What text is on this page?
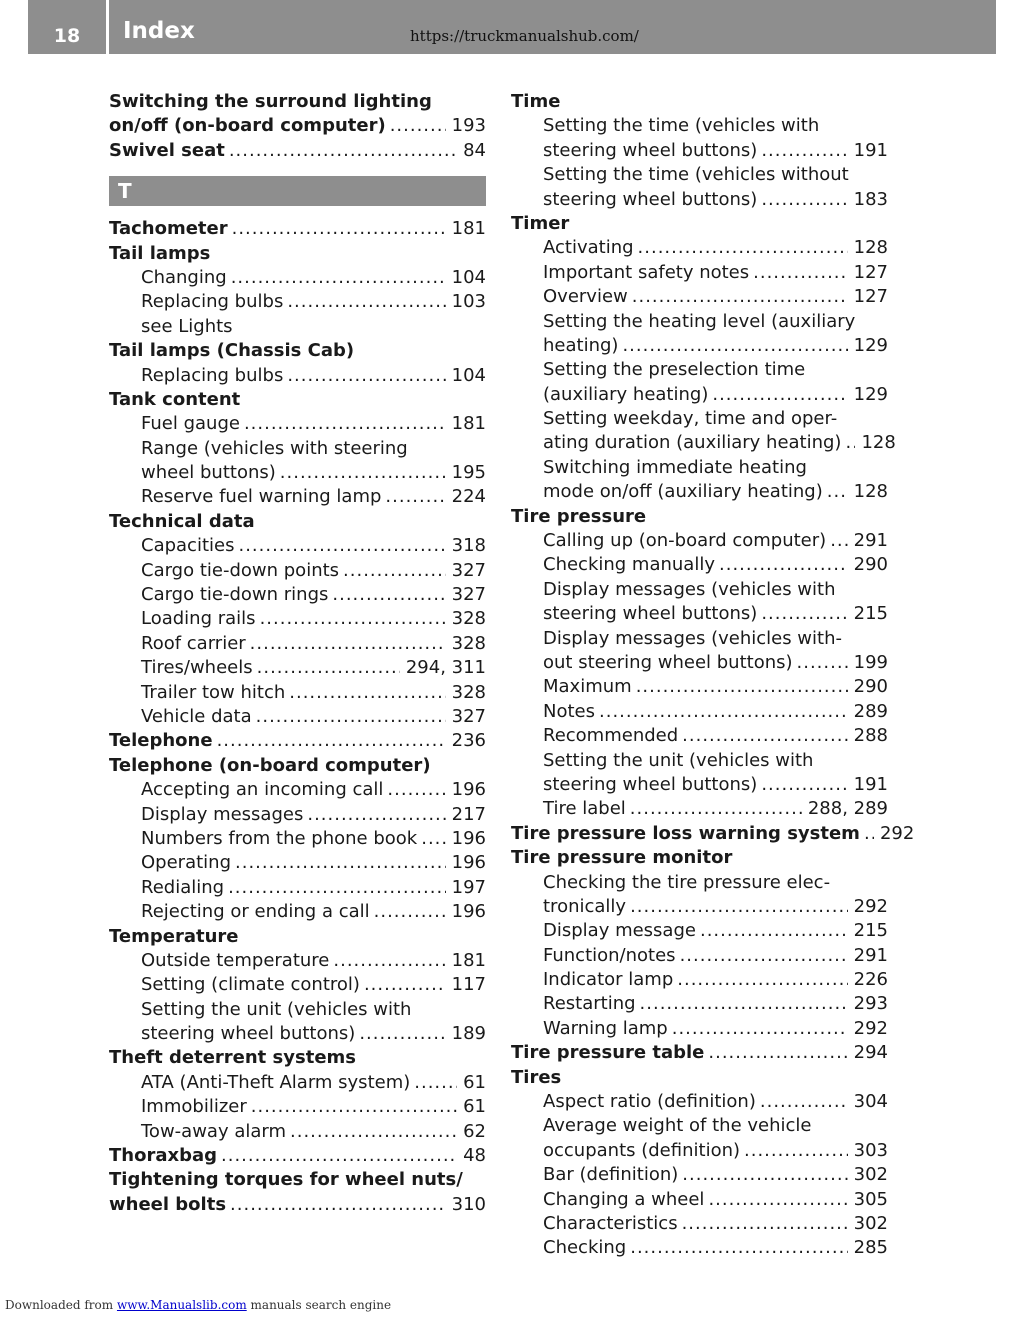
18	Index	https://truckmanualshub.com/
Switching the surround lighting
on/off (on-board computer) .....	193
Swivel seat .....	84
T
Tachometer .....	181
Tail lamps
Changing .....	104
Replacing bulbs .....	103
see Lights
Tail lamps (Chassis Cab)
Replacing bulbs .....	104
Tank content
Fuel gauge .....	181
Range (vehicles with steering
wheel buttons) .....	195
Reserve fuel warning lamp .....	224
Technical data
Capacities .....	318
Cargo tie-down points .....	327
Cargo tie-down rings .....	327
Loading rails .....	328
Roof carrier .....	328
Tires/wheels .....	294, 311
Trailer tow hitch .....	328
Vehicle data .....	327
Telephone .....	236
Telephone (on-board computer)
Accepting an incoming call .....	196
Display messages .....	217
Numbers from the phone book ..... 196
Operating .....	196
Redialing .....	197
Rejecting or ending a call .....	196
Temperature
Outside temperature .....	181
Setting (climate control) .....	117
Setting the unit (vehicles with
steering wheel buttons) .....	189
Theft deterrent systems
ATA (Anti-Theft Alarm system) .....	61
Immobilizer .....	61
Tow-away alarm .....	62
Thoraxbag .....	48
Tightening torques for wheel nuts/
wheel bolts .....	310
Time
Setting the time (vehicles with
steering wheel buttons) .....	191
Setting the time (vehicles without
steering wheel buttons) .....	183
Timer
Activating .....	128
Important safety notes .....	127
Overview .....	127
Setting the heating level (auxiliary
heating) .....	129
Setting the preselection time
(auxiliary heating) .....	129
Setting weekday, time and oper-
ating duration (auxiliary heating) ..... 128
Switching immediate heating
mode on/off (auxiliary heating) ..... 128
Tire pressure
Calling up (on-board computer) ..... 291
Checking manually .....	290
Display messages (vehicles with
steering wheel buttons) .....	215
Display messages (vehicles with-
out steering wheel buttons) .....	199
Maximum .....	290
Notes .....	289
Recommended .....	288
Setting the unit (vehicles with
steering wheel buttons) .....	191
Tire label .....	288, 289
Tire pressure loss warning system ..... 292
Tire pressure monitor
Checking the tire pressure elec-
tronically .....	292
Display message .....	215
Function/notes .....	291
Indicator lamp .....	226
Restarting .....	293
Warning lamp .....	292
Tire pressure table .....	294
Tires
Aspect ratio (definition) .....	304
Average weight of the vehicle
occupants (definition) .....	303
Bar (definition) .....	302
Changing a wheel .....	305
Characteristics .....	302
Checking .....	285
Downloaded from www.Manualslib.com manuals search engine
